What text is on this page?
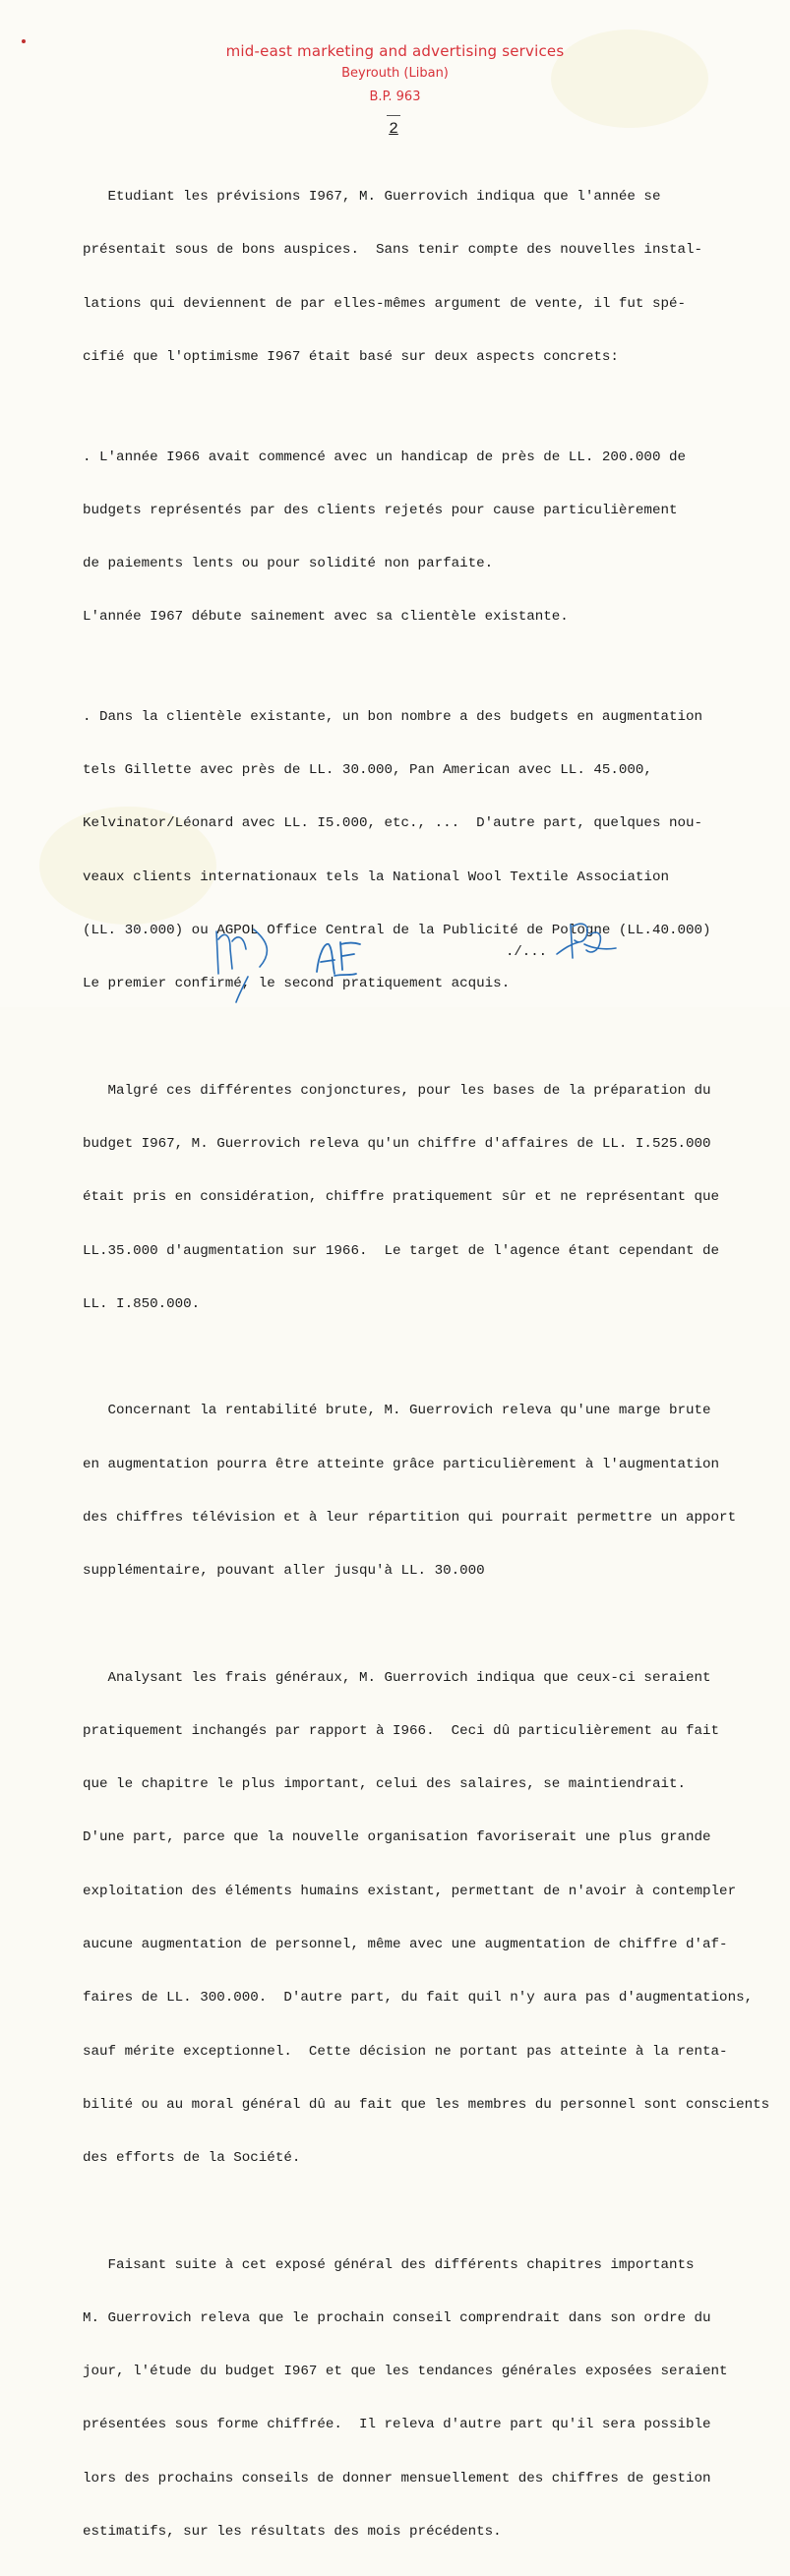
mid-east marketing and advertising services
Beyrouth (Liban)
B.P. 963
2

Etudiant les prévisions I967, M. Guerrovich indiqua que l'année se

présentait sous de bons auspices.  Sans tenir compte des nouvelles instal-

lations qui deviennent de par elles-mêmes argument de vente, il fut spé-

cifié que l'optimisme I967 était basé sur deux aspects concrets:

. L'année I966 avait commencé avec un handicap de près de LL. 200.000 de

budgets représentés par des clients rejetés pour cause particulièrement

de paiements lents ou pour solidité non parfaite.

L'année I967 débute sainement avec sa clientèle existante.

. Dans la clientèle existante, un bon nombre a des budgets en augmentation

tels Gillette avec près de LL. 30.000, Pan American avec LL. 45.000,

Kelvinator/Léonard avec LL. I5.000, etc., ...  D'autre part, quelques nou-

veaux clients internationaux tels la National Wool Textile Association

(LL. 30.000) ou AGPOL Office Central de la Publicité de Pologne (LL.40.000)

Le premier confirmé, le second pratiquement acquis.

Malgré ces différentes conjonctures, pour les bases de la préparation du

budget I967, M. Guerrovich releva qu'un chiffre d'affaires de LL. I.525.000

était pris en considération, chiffre pratiquement sûr et ne représentant que

LL.35.000 d'augmentation sur 1966.  Le target de l'agence étant cependant de

LL. I.850.000.

Concernant la rentabilité brute, M. Guerrovich releva qu'une marge brute

en augmentation pourra être atteinte grâce particulièrement à l'augmentation

des chiffres télévision et à leur répartition qui pourrait permettre un apport

supplémentaire, pouvant aller jusqu'à LL. 30.000

Analysant les frais généraux, M. Guerrovich indiqua que ceux-ci seraient

pratiquement inchangés par rapport à I966.  Ceci dû particulièrement au fait

que le chapitre le plus important, celui des salaires, se maintiendrait.

D'une part, parce que la nouvelle organisation favoriserait une plus grande

exploitation des éléments humains existant, permettant de n'avoir à contempler

aucune augmentation de personnel, même avec une augmentation de chiffre d'af-

faires de LL. 300.000.  D'autre part, du fait quil n'y aura pas d'augmentations,

sauf mérite exceptionnel.  Cette décision ne portant pas atteinte à la renta-

bilité ou au moral général dû au fait que les membres du personnel sont conscients

des efforts de la Société.

Faisant suite à cet exposé général des différents chapitres importants

M. Guerrovich releva que le prochain conseil comprendrait dans son ordre du

jour, l'étude du budget I967 et que les tendances générales exposées seraient

présentées sous forme chiffrée.  Il releva d'autre part qu'il sera possible

lors des prochains conseils de donner mensuellement des chiffres de gestion

estimatifs, sur les résultats des mois précédents.

./...
